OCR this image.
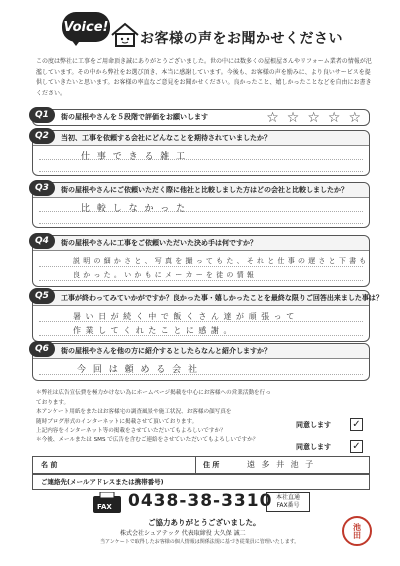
Voice!
お客様の声をお聞かせください
この度は弊社に工事をご用命頂き誠にありがとうございました。世の中には数多くの屋根屋さんやリフォーム業者の情報が氾濫しています。その中から弊社をお選び頂き、本当に感謝しています。今後も、お客様の声を励みに、より良いサービスを提供していきたいと思います。お客様の率直なご意見をお聞かせください。良かったこと、嬉しかったことなどを自由にお書きください。
Q1	街の屋根やさんを５段階で評価をお願いします	☆ ☆ ☆ ☆ ☆
Q2	当初、工事を依頼する会社にどんなことを期待されていましたか？
仕 事 で き る 雑 工
Q3	街の屋根やさんにご依頼いただく際に他社と比較しました方はどの会社と比較しましたか？
比 較 し な か っ た
Q4	街の屋根やさんに工事をご依頼いただいた決め手は何ですか？
説 明 の 細 か さ と 、 写 真 を 撮 っ て も た 、 そ れ と 仕 事 の 遅 さ と 下 書 も
良 か っ た 。 い か も に メ ー カ ー を 徒 の 情 報
Q5	工事が終わってみていかがですか？良かった事・嬉しかったことを最終な限りご回答出来ました事は？
暑 い 日 が 続 く 中 で 飯 く さ ん 達 が 頑 張 っ て
作 業 し て く れ た こ と に 感 謝 。
Q6	街の屋根やさんを他の方に紹介するとしたらなんと紹介しますか？
今 回 は 頼 め る 会 社
＊弊社は広告宣伝費を極力かけない為にホームページ掲載を中心にお客様への営業活動を行っております。
本アンケート用紙をまたはお客様宅の調査風景や施工状況、お客様の顔写真を
随時ブログ形式のインターネットに掲載させて頂いております。
上記内容をインターネット等の掲載をさせていただいてもよろしいですか？
同意します ✓
＊今後、メールまたは SMS で広告を含むご連絡をさせていただいてもよろしいですか？
同意します ✓
名 前	住 所	遠 多 井 池 子
ご連絡先(メールアドレスまたは携帯番号)
FAX 0438-38-3310 本社直通
FAX番号
ご協力ありがとうございました。
株式会社シュアテック 代表取締役 大久保 誠二
当アンケートで取得したお客様の個人情報は関係法規に基づき従業員に管理いたします。
池田
